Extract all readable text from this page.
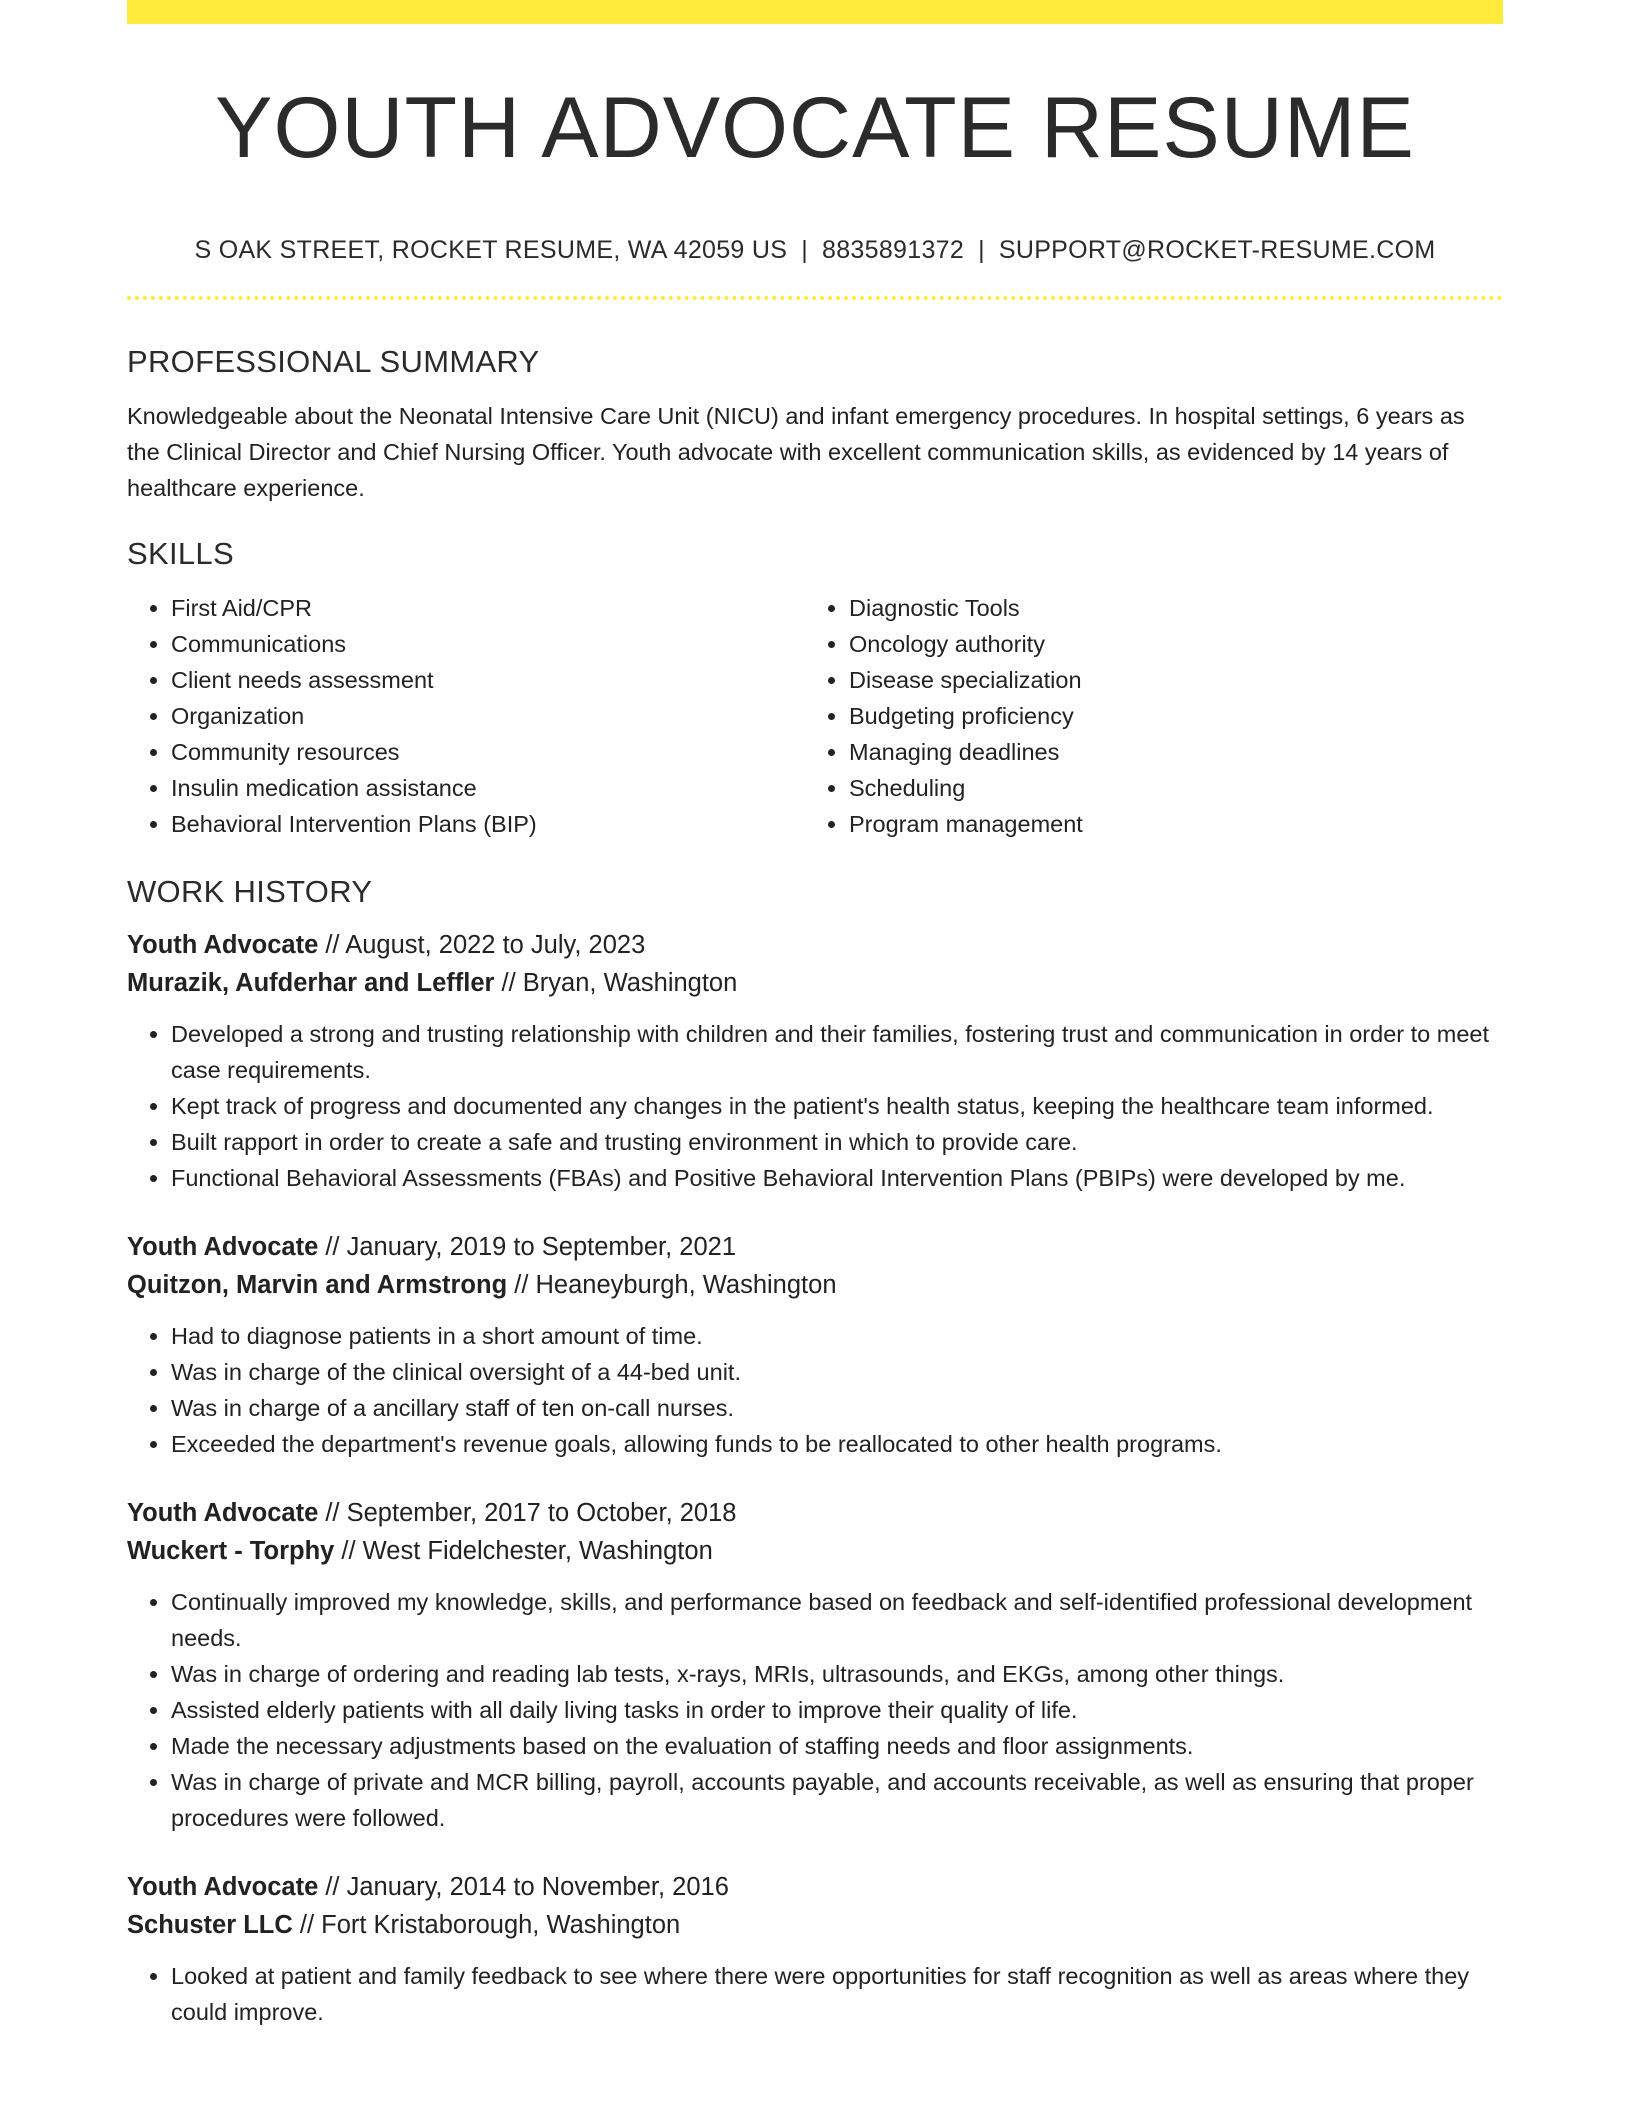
YOUTH ADVOCATE RESUME
S OAK STREET, ROCKET RESUME, WA 42059 US | 8835891372 | SUPPORT@ROCKET-RESUME.COM
PROFESSIONAL SUMMARY
Knowledgeable about the Neonatal Intensive Care Unit (NICU) and infant emergency procedures. In hospital settings, 6 years as the Clinical Director and Chief Nursing Officer. Youth advocate with excellent communication skills, as evidenced by 14 years of healthcare experience.
SKILLS
• First Aid/CPR
• Communications
• Client needs assessment
• Organization
• Community resources
• Insulin medication assistance
• Behavioral Intervention Plans (BIP)
• Diagnostic Tools
• Oncology authority
• Disease specialization
• Budgeting proficiency
• Managing deadlines
• Scheduling
• Program management
WORK HISTORY
Youth Advocate // August, 2022 to July, 2023
Murazik, Aufderhar and Leffler // Bryan, Washington
• Developed a strong and trusting relationship with children and their families, fostering trust and communication in order to meet case requirements.
• Kept track of progress and documented any changes in the patient's health status, keeping the healthcare team informed.
• Built rapport in order to create a safe and trusting environment in which to provide care.
• Functional Behavioral Assessments (FBAs) and Positive Behavioral Intervention Plans (PBIPs) were developed by me.
Youth Advocate // January, 2019 to September, 2021
Quitzon, Marvin and Armstrong // Heaneyburgh, Washington
• Had to diagnose patients in a short amount of time.
• Was in charge of the clinical oversight of a 44-bed unit.
• Was in charge of a ancillary staff of ten on-call nurses.
• Exceeded the department's revenue goals, allowing funds to be reallocated to other health programs.
Youth Advocate // September, 2017 to October, 2018
Wuckert - Torphy // West Fidelchester, Washington
• Continually improved my knowledge, skills, and performance based on feedback and self-identified professional development needs.
• Was in charge of ordering and reading lab tests, x-rays, MRIs, ultrasounds, and EKGs, among other things.
• Assisted elderly patients with all daily living tasks in order to improve their quality of life.
• Made the necessary adjustments based on the evaluation of staffing needs and floor assignments.
• Was in charge of private and MCR billing, payroll, accounts payable, and accounts receivable, as well as ensuring that proper procedures were followed.
Youth Advocate // January, 2014 to November, 2016
Schuster LLC // Fort Kristaborough, Washington
• Looked at patient and family feedback to see where there were opportunities for staff recognition as well as areas where they could improve.
